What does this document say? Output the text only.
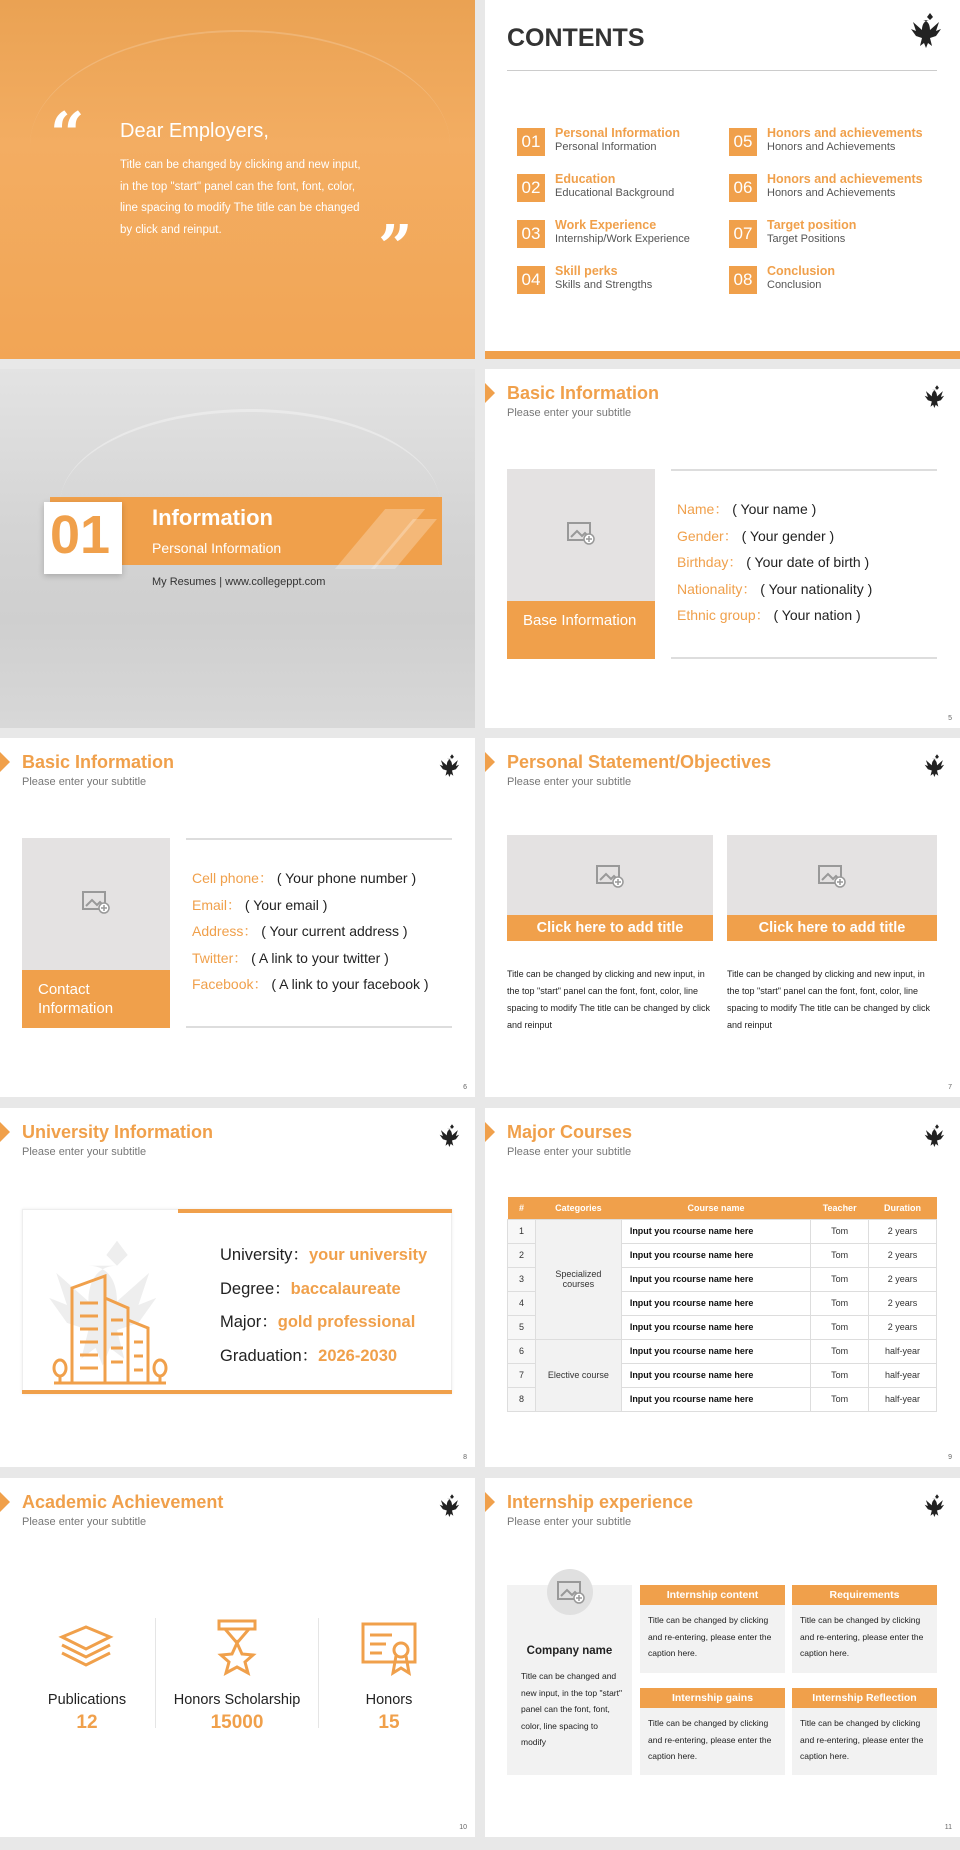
“ Dear Employers,
Title can be changed by clicking and new input, in the top "start" panel can the font, font, color, line spacing to modify The title can be changed by click and reinput.	”
CONTENTS
01	Personal Information
Personal Information
02	Education
Educational Background
03	Work Experience
Internship/Work Experience
04	Skill perks
Skills and Strengths
05	Honors and achievements
Honors and Achievements
06	Honors and achievements
Honors and Achievements
07	Target position
Target Positions
08	Conclusion
Conclusion
01 Information
Personal Information
My Resumes | www.collegeppt.com
Basic Information
Please enter your subtitle
Base Information
Name： ( Your name )
Gender： ( Your gender )
Birthday： ( Your date of birth )
Nationality： ( Your nationality )
Ethnic group： ( Your nation )
5
Basic Information
Please enter your subtitle
Contact Information
Cell phone： ( Your phone number )
Email： ( Your email )
Address： ( Your current address )
Twitter： ( A link to your twitter )
Facebook： ( A link to your facebook )
6
Personal Statement/Objectives
Please enter your subtitle
Click here to add title
Title can be changed by clicking and new input, in the top "start" panel can the font, font, color, line spacing to modify The title can be changed by click and reinput
Click here to add title
Title can be changed by clicking and new input, in the top "start" panel can the font, font, color, line spacing to modify The title can be changed by click and reinput
7
University Information
Please enter your subtitle
University：your university
Degree：baccalaureate
Major：gold professional
Graduation：2026-2030
8
Major Courses
Please enter your subtitle
#	Categories	Course name	Teacher	Duration
1	Specialized courses	Input you rcourse name here	Tom	2 years
2		Input you rcourse name here	Tom	2 years
3		Input you rcourse name here	Tom	2 years
4		Input you rcourse name here	Tom	2 years
5		Input you rcourse name here	Tom	2 years
6	Elective course	Input you rcourse name here	Tom	half-year
7		Input you rcourse name here	Tom	half-year
8		Input you rcourse name here	Tom	half-year
9
Academic Achievement
Please enter your subtitle
Publications
12
Honors Scholarship
15000
Honors
15
10
Internship experience
Please enter your subtitle
Company name
Title can be changed and new input, in the top "start" panel can the font, font, color, line spacing to modify
Internship content
Title can be changed by clicking and re-entering, please enter the caption here.
Requirements
Title can be changed by clicking and re-entering, please enter the caption here.
Internship gains
Title can be changed by clicking and re-entering, please enter the caption here.
Internship Reflection
Title can be changed by clicking and re-entering, please enter the caption here.
11
